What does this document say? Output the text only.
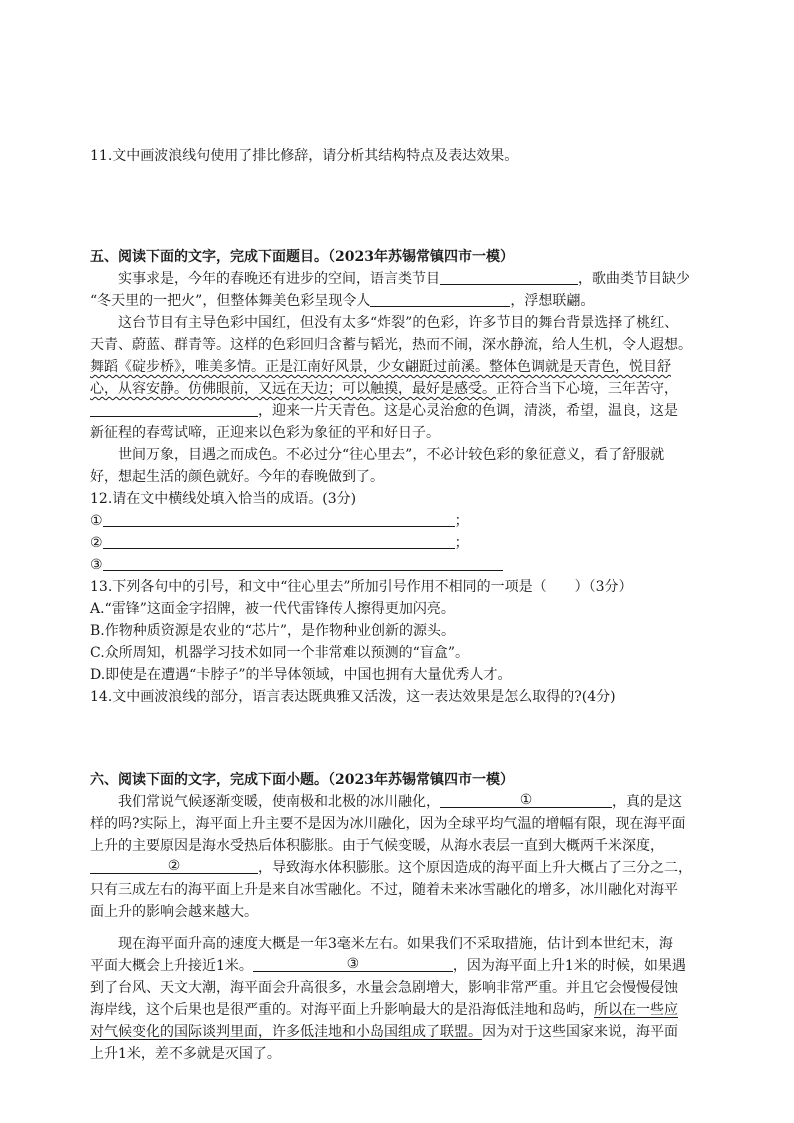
11.文中画波浪线句使用了排比修辞，请分析其结构特点及表达效果。
五、阅读下面的文字，完成下面题目。（2023年苏锡常镇四市一模）
实事求是，今年的春晚还有进步的空间，语言类节目	，歌曲类节目缺少
“冬天里的一把火”，但整体舞美色彩呈现令人	，浮想联翩。
这台节目有主导色彩中国红，但没有太多“炸裂”的色彩，许多节目的舞台背景选择了桃红、
天青、蔚蓝、群青等。这样的色彩回归含蓄与韬光，热而不闹，深水静流，给人生机，令人遐想。
舞蹈《碇步桥》，唯美多情。正是江南好风景，少女翩跹过前溪。整体色调就是天青色，悦目舒
心，从容安静。仿佛眼前，又远在天边；可以触摸，最好是感受。正符合当下心境，三年苦守，
，迎来一片天青色。这是心灵治愈的色调，清淡，希望，温良，这是
新征程的春莺试啼，正迎来以色彩为象征的平和好日子。
世间万象，目遇之而成色。不必过分“往心里去”，不必计较色彩的象征意义，看了舒服就
好，想起生活的颜色就好。今年的春晚做到了。
12.请在文中横线处填入恰当的成语。(3分)
①	；
②	；
③
13.下列各句中的引号，和文中“往心里去”所加引号作用不相同的一项是（　　）（3分）
A.“雷锋”这面金字招牌，被一代代雷锋传人擦得更加闪亮。
B.作物种质资源是农业的“芯片”，是作物种业创新的源头。
C.众所周知，机器学习技术如同一个非常难以预测的“盲盒”。
D.即使是在遭遇“卡脖子”的半导体领域，中国也拥有大量优秀人才。
14.文中画波浪线的部分，语言表达既典雅又活泼，这一表达效果是怎么取得的?(4分)
六、阅读下面的文字，完成下面小题。（2023年苏锡常镇四市一模）
我们常说气候逐渐变暖，使南极和北极的冰川融化，	①	，真的是这
样的吗?实际上，海平面上升主要不是因为冰川融化，因为全球平均气温的增幅有限，现在海平面
上升的主要原因是海水受热后体积膨胀。由于气候变暖，从海水表层一直到大概两千米深度，
②	，导致海水体积膨胀。这个原因造成的海平面上升大概占了三分之二，
只有三成左右的海平面上升是来自冰雪融化。不过，随着未来冰雪融化的增多，冰川融化对海平
面上升的影响会越来越大。
现在海平面升高的速度大概是一年3毫米左右。如果我们不采取措施，估计到本世纪末，海
平面大概会上升接近1米。	③	，因为海平面上升1米的时候，如果遇
到了台风、天文大潮，海平面会升高很多，水量会急剧增大，影响非常严重。并且它会慢慢侵蚀
海岸线，这个后果也是很严重的。对海平面上升影响最大的是沿海低洼地和岛屿，所以在一些应
对气候变化的国际谈判里面，许多低洼地和小岛国组成了联盟。因为对于这些国家来说，海平面
上升1米，差不多就是灭国了。
